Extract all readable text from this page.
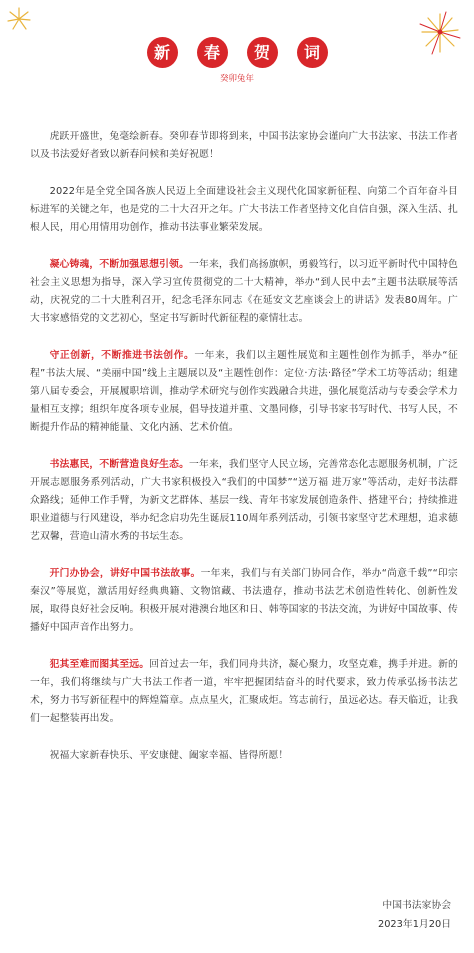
新	春	贺	词
癸卯兔年

虎跃开盛世，兔毫绘新春。癸卯春节即将到来，中国书法家协会谨向广大书法家、书法工作者以及书法爱好者致以新春问候和美好祝愿！

2022年是全党全国各族人民迈上全面建设社会主义现代化国家新征程、向第二个百年奋斗目标进军的关键之年，也是党的二十大召开之年。广大书法工作者坚持文化自信自强，深入生活、扎根人民，用心用情用功创作，推动书法事业繁荣发展。

凝心铸魂，不断加强思想引领。一年来，我们高扬旗帜，勇毅笃行，以习近平新时代中国特色社会主义思想为指导，深入学习宣传贯彻党的二十大精神，举办“到人民中去”主题书法联展等活动，庆祝党的二十大胜利召开，纪念毛泽东同志《在延安文艺座谈会上的讲话》发表80周年。广大书家感悟党的文艺初心，坚定书写新时代新征程的豪情壮志。

守正创新，不断推进书法创作。一年来，我们以主题性展览和主题性创作为抓手，举办“征程”书法大展、“美丽中国”线上主题展以及“主题性创作：定位·方法·路径”学术工坊等活动；组建第八届专委会，开展履职培训，推动学术研究与创作实践融合共进，强化展览活动与专委会学术力量相互支撑；组织年度各项专业展，倡导技道并重、文墨同修，引导书家书写时代、书写人民，不断提升作品的精神能量、文化内涵、艺术价值。

书法惠民，不断营造良好生态。一年来，我们坚守人民立场，完善常态化志愿服务机制，广泛开展志愿服务系列活动，广大书家积极投入“我们的中国梦”“送万福 进万家”等活动，走好书法群众路线；延伸工作手臂，为新文艺群体、基层一线、青年书家发展创造条件、搭建平台；持续推进职业道德与行风建设，举办纪念启功先生诞辰110周年系列活动，引领书家坚守艺术理想，追求德艺双馨，营造山清水秀的书坛生态。

开门办协会，讲好中国书法故事。一年来，我们与有关部门协同合作，举办“尚意千载”“印宗秦汉”等展览，激活用好经典典籍、文物馆藏、书法遗存，推动书法艺术创造性转化、创新性发展，取得良好社会反响。积极开展对港澳台地区和日、韩等国家的书法交流，为讲好中国故事、传播好中国声音作出努力。

犯其至难而图其至远。回首过去一年，我们同舟共济，凝心聚力，攻坚克难，携手并进。新的一年，我们将继续与广大书法工作者一道，牢牢把握团结奋斗的时代要求，致力传承弘扬书法艺术，努力书写新征程中的辉煌篇章。点点星火，汇聚成炬。笃志前行，虽远必达。春天临近，让我们一起整装再出发。

祝福大家新春快乐、平安康健、阖家幸福、皆得所愿！

中国书法家协会
2023年1月20日
